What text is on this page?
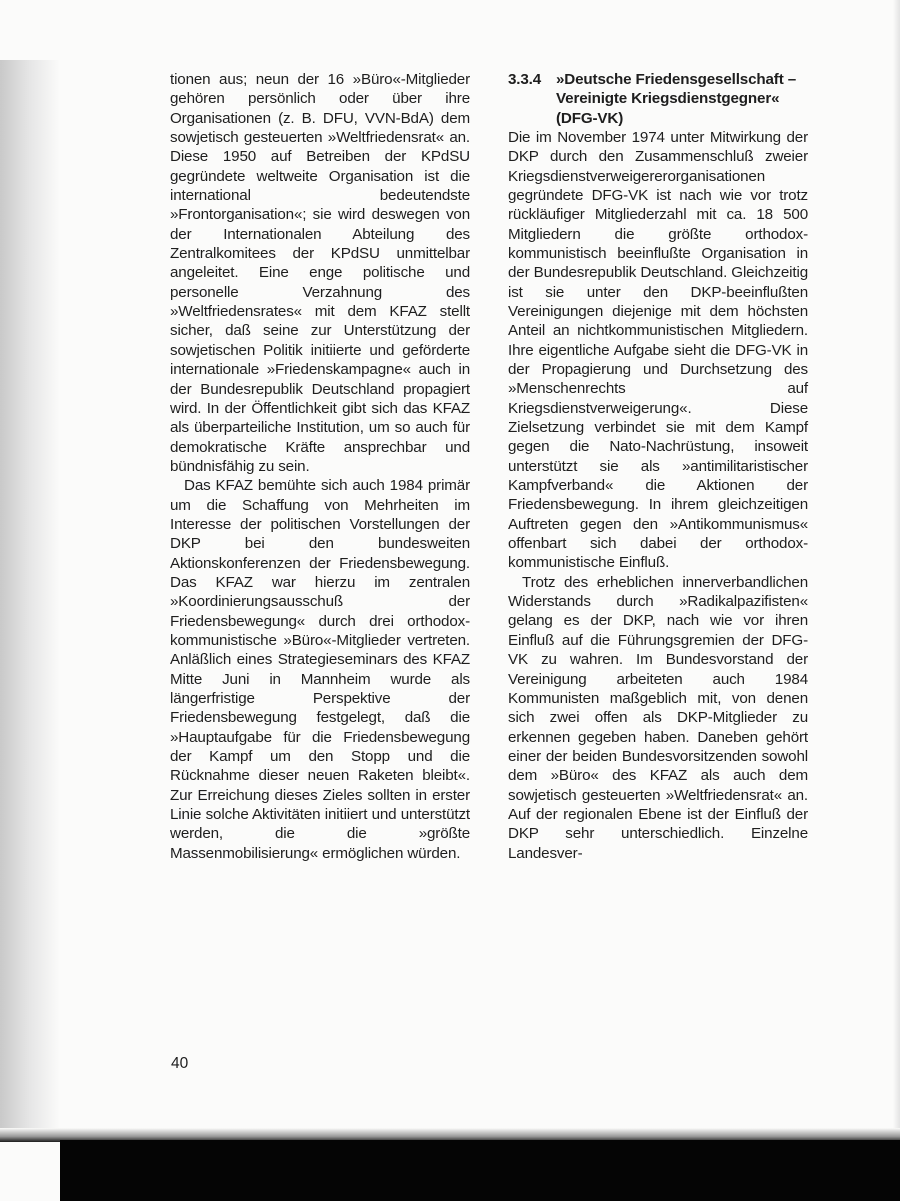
tionen aus; neun der 16 »Büro«-Mitglieder gehören persönlich oder über ihre Organisationen (z. B. DFU, VVN-BdA) dem sowjetisch gesteuerten »Weltfriedensrat« an. Diese 1950 auf Betreiben der KPdSU gegründete weltweite Organisation ist die international bedeutendste »Frontorganisation«; sie wird deswegen von der Internationalen Abteilung des Zentralkomitees der KPdSU unmittelbar angeleitet. Eine enge politische und personelle Verzahnung des »Weltfriedensrates« mit dem KFAZ stellt sicher, daß seine zur Unterstützung der sowjetischen Politik initiierte und geförderte internationale »Friedenskampagne« auch in der Bundesrepublik Deutschland propagiert wird. In der Öffentlichkeit gibt sich das KFAZ als überparteiliche Institution, um so auch für demokratische Kräfte ansprechbar und bündnisfähig zu sein.

Das KFAZ bemühte sich auch 1984 primär um die Schaffung von Mehrheiten im Interesse der politischen Vorstellungen der DKP bei den bundesweiten Aktionskonferenzen der Friedensbewegung. Das KFAZ war hierzu im zentralen »Koordinierungsausschuß der Friedensbewegung« durch drei orthodox-kommunistische »Büro«-Mitglieder vertreten. Anläßlich eines Strategieseminars des KFAZ Mitte Juni in Mannheim wurde als längerfristige Perspektive der Friedensbewegung festgelegt, daß die »Hauptaufgabe für die Friedensbewegung der Kampf um den Stopp und die Rücknahme dieser neuen Raketen bleibt«. Zur Erreichung dieses Zieles sollten in erster Linie solche Aktivitäten initiiert und unterstützt werden, die die »größte Massenmobilisierung« ermöglichen würden.

3.3.4 »Deutsche Friedensgesellschaft – Vereinigte Kriegsdienstgegner« (DFG-VK)

Die im November 1974 unter Mitwirkung der DKP durch den Zusammenschluß zweier Kriegsdienstverweigererorganisationen gegründete DFG-VK ist nach wie vor trotz rückläufiger Mitgliederzahl mit ca. 18 500 Mitgliedern die größte orthodox-kommunistisch beeinflußte Organisation in der Bundesrepublik Deutschland. Gleichzeitig ist sie unter den DKP-beeinflußten Vereinigungen diejenige mit dem höchsten Anteil an nichtkommunistischen Mitgliedern. Ihre eigentliche Aufgabe sieht die DFG-VK in der Propagierung und Durchsetzung des »Menschenrechts auf Kriegsdienstverweigerung«. Diese Zielsetzung verbindet sie mit dem Kampf gegen die Nato-Nachrüstung, insoweit unterstützt sie als »antimilitaristischer Kampfverband« die Aktionen der Friedensbewegung. In ihrem gleichzeitigen Auftreten gegen den »Antikommunismus« offenbart sich dabei der orthodox-kommunistische Einfluß.

Trotz des erheblichen innerverbandlichen Widerstands durch »Radikalpazifisten« gelang es der DKP, nach wie vor ihren Einfluß auf die Führungsgremien der DFG-VK zu wahren. Im Bundesvorstand der Vereinigung arbeiteten auch 1984 Kommunisten maßgeblich mit, von denen sich zwei offen als DKP-Mitglieder zu erkennen gegeben haben. Daneben gehört einer der beiden Bundesvorsitzenden sowohl dem »Büro« des KFAZ als auch dem sowjetisch gesteuerten »Weltfriedensrat« an. Auf der regionalen Ebene ist der Einfluß der DKP sehr unterschiedlich. Einzelne Landesver-

40
